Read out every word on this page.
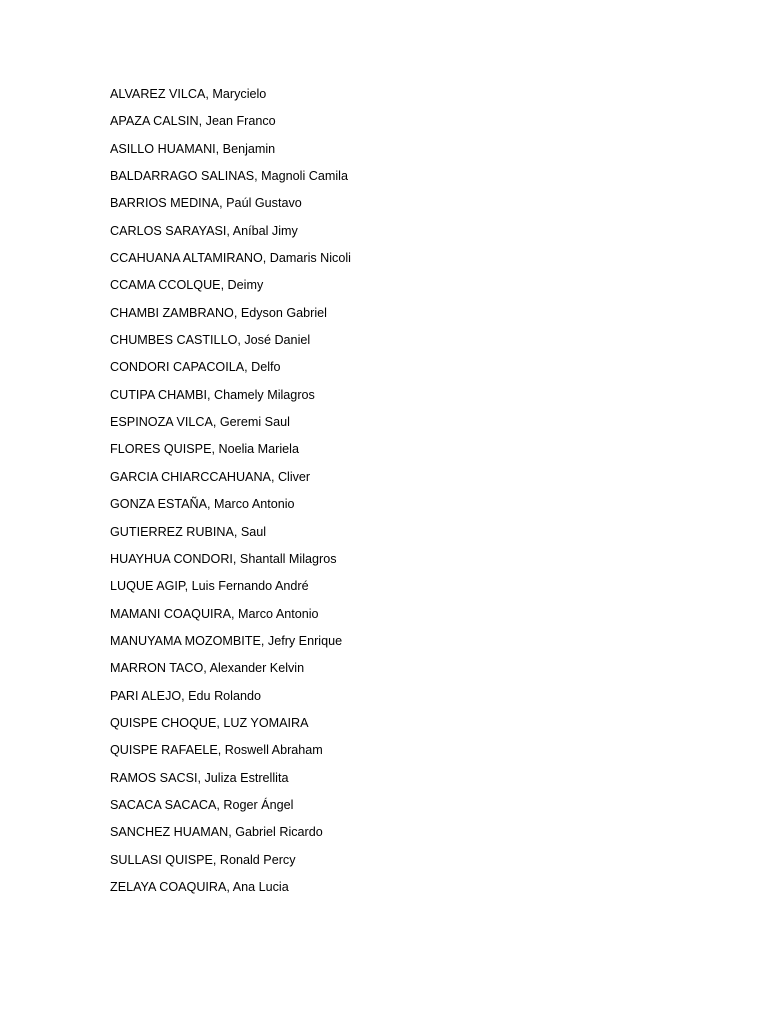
ALVAREZ VILCA, Marycielo
APAZA CALSIN, Jean Franco
ASILLO HUAMANI, Benjamin
BALDARRAGO SALINAS, Magnoli Camila
BARRIOS MEDINA, Paúl Gustavo
CARLOS SARAYASI, Aníbal Jimy
CCAHUANA ALTAMIRANO, Damaris Nicoli
CCAMA CCOLQUE, Deimy
CHAMBI ZAMBRANO, Edyson Gabriel
CHUMBES CASTILLO, José Daniel
CONDORI CAPACOILA, Delfo
CUTIPA CHAMBI, Chamely Milagros
ESPINOZA VILCA, Geremi Saul
FLORES QUISPE, Noelia Mariela
GARCIA CHIARCCAHUANA, Cliver
GONZA ESTAÑA, Marco Antonio
GUTIERREZ RUBINA, Saul
HUAYHUA CONDORI, Shantall Milagros
LUQUE AGIP, Luis Fernando André
MAMANI COAQUIRA, Marco Antonio
MANUYAMA MOZOMBITE, Jefry Enrique
MARRON TACO, Alexander Kelvin
PARI ALEJO, Edu Rolando
QUISPE CHOQUE, LUZ YOMAIRA
QUISPE RAFAELE, Roswell Abraham
RAMOS SACSI, Juliza Estrellita
SACACA SACACA, Roger Ángel
SANCHEZ HUAMAN, Gabriel Ricardo
SULLASI QUISPE, Ronald Percy
ZELAYA COAQUIRA, Ana Lucia
